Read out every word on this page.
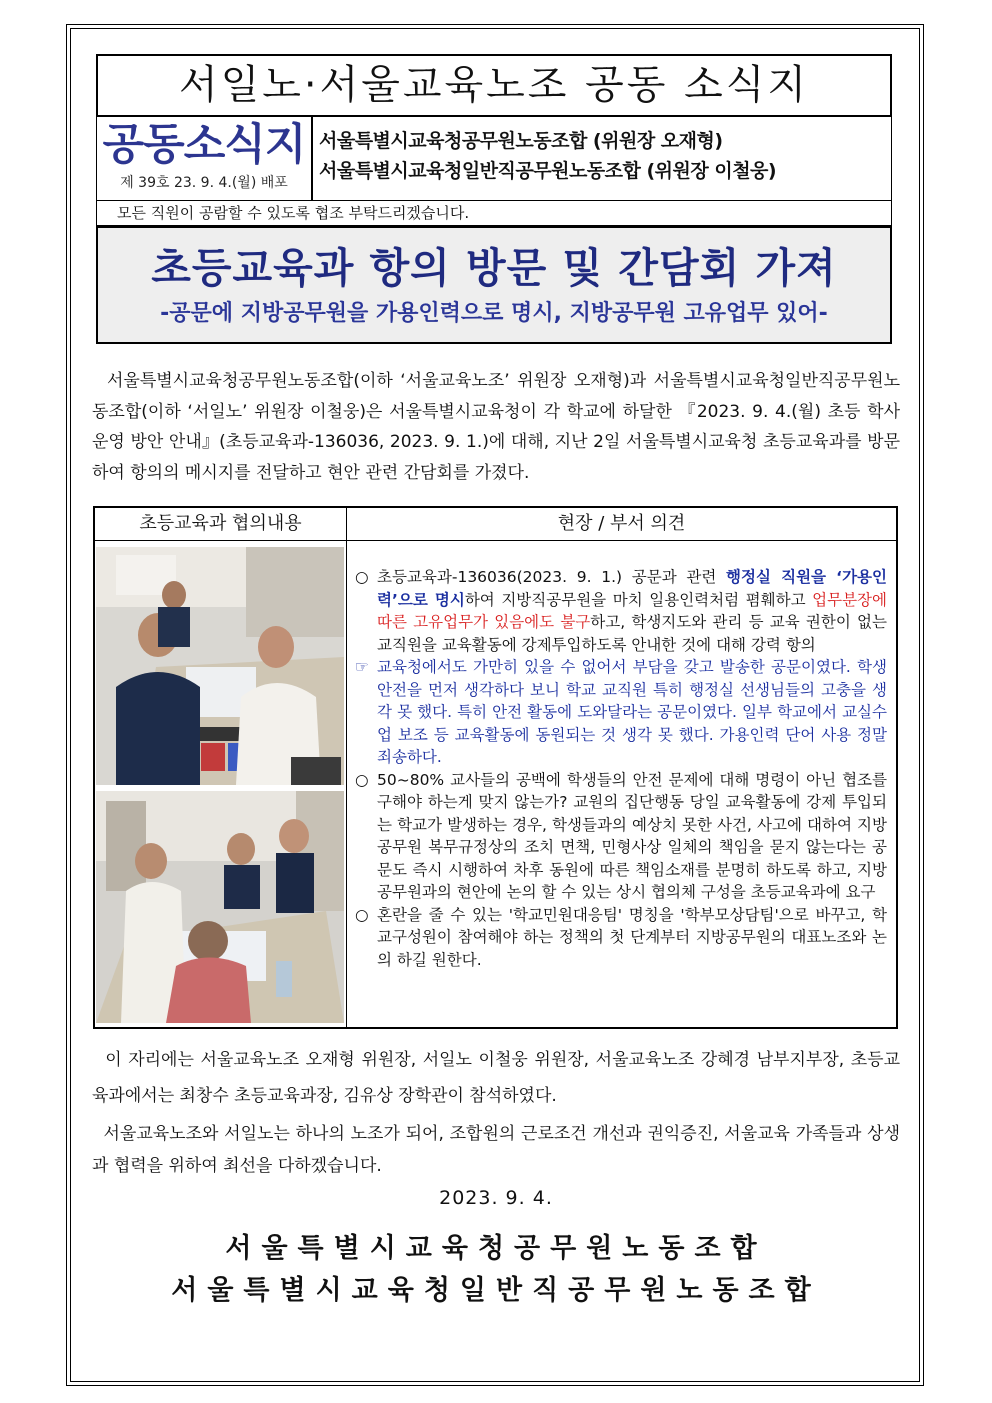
서일노·서울교육노조 공동 소식지
공동소식지
제 39호 23. 9. 4.(월) 배포
서울특별시교육청공무원노동조합 (위원장 오재형)
서울특별시교육청일반직공무원노동조합 (위원장 이철웅)
모든 직원이 공람할 수 있도록 협조 부탁드리겠습니다.
초등교육과 항의 방문 및 간담회 가져
-공문에 지방공무원을 가용인력으로 명시, 지방공무원 고유업무 있어-
서울특별시교육청공무원노동조합(이하 ‘서울교육노조’ 위원장 오재형)과 서울특별시교육청일반직공무원노동조합(이하 ‘서일노’ 위원장 이철웅)은 서울특별시교육청이 각 학교에 하달한 『2023. 9. 4.(월) 초등 학사 운영 방안 안내』(초등교육과-136036, 2023. 9. 1.)에 대해, 지난 2일 서울특별시교육청 초등교육과를 방문하여 항의의 메시지를 전달하고 현안 관련 간담회를 가졌다.
초등교육과 협의내용	현장 / 부서 의견
○ 초등교육과-136036(2023. 9. 1.) 공문과 관련 행정실 직원을 ‘가용인력’으로 명시하여 지방직공무원을 마치 일용인력처럼 폄훼하고 업무분장에 따른 고유업무가 있음에도 불구하고, 학생지도와 관리 등 교육 권한이 없는 교직원을 교육활동에 강제투입하도록 안내한 것에 대해 강력 항의
☞ 교육청에서도 가만히 있을 수 없어서 부담을 갖고 발송한 공문이였다. 학생 안전을 먼저 생각하다 보니 학교 교직원 특히 행정실 선생님들의 고충을 생각 못 했다. 특히 안전 활동에 도와달라는 공문이였다. 일부 학교에서 교실수업 보조 등 교육활동에 동원되는 것 생각 못 했다. 가용인력 단어 사용 정말 죄송하다.
○ 50~80% 교사들의 공백에 학생들의 안전 문제에 대해 명령이 아닌 협조를 구해야 하는게 맞지 않는가? 교원의 집단행동 당일 교육활동에 강제 투입되는 학교가 발생하는 경우, 학생들과의 예상치 못한 사건, 사고에 대하여 지방공무원 복무규정상의 조치 면책, 민형사상 일체의 책임을 묻지 않는다는 공문도 즉시 시행하여 차후 동원에 따른 책임소재를 분명히 하도록 하고, 지방공무원과의 현안에 논의 할 수 있는 상시 협의체 구성을 초등교육과에 요구
○ 혼란을 줄 수 있는 '학교민원대응팀' 명칭을 '학부모상담팀'으로 바꾸고, 학교구성원이 참여해야 하는 정책의 첫 단계부터 지방공무원의 대표노조와 논의 하길 원한다.
이 자리에는 서울교육노조 오재형 위원장, 서일노 이철웅 위원장, 서울교육노조 강혜경 남부지부장, 초등교육과에서는 최창수 초등교육과장, 김유상 장학관이 참석하였다.
서울교육노조와 서일노는 하나의 노조가 되어, 조합원의 근로조건 개선과 권익증진, 서울교육 가족들과 상생과 협력을 위하여 최선을 다하겠습니다.
2023. 9. 4.
서울특별시교육청공무원노동조합
서울특별시교육청일반직공무원노동조합
